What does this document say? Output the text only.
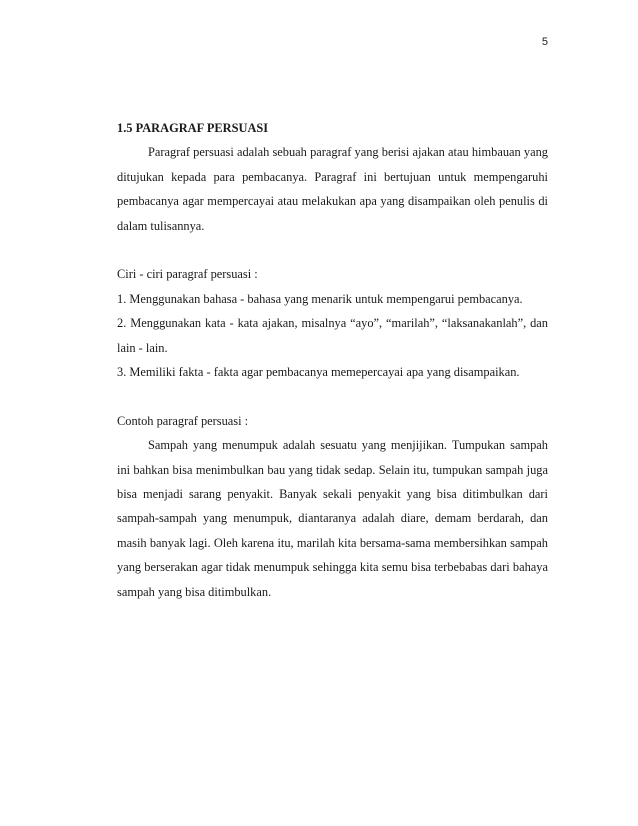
5

1.5 PARAGRAF PERSUASI

Paragraf persuasi adalah sebuah paragraf yang berisi ajakan atau himbauan yang ditujukan kepada para pembacanya. Paragraf ini bertujuan untuk mempengaruhi pembacanya agar mempercayai atau melakukan apa yang disampaikan oleh penulis di dalam tulisannya.

Ciri - ciri paragraf persuasi :

1. Menggunakan bahasa - bahasa yang menarik untuk mempengarui pembacanya.

2. Menggunakan kata - kata ajakan, misalnya “ayo”, “marilah”, “laksanakanlah”, dan lain - lain.

3. Memiliki fakta - fakta agar pembacanya memepercayai apa yang disampaikan.

Contoh paragraf persuasi :

Sampah yang menumpuk adalah sesuatu yang menjijikan. Tumpukan sampah ini bahkan bisa menimbulkan bau yang tidak sedap. Selain itu, tumpukan sampah juga bisa menjadi sarang penyakit. Banyak sekali penyakit yang bisa ditimbulkan dari sampah-sampah yang menumpuk, diantaranya adalah diare, demam berdarah, dan masih banyak lagi. Oleh karena itu, marilah kita bersama-sama membersihkan sampah yang berserakan agar tidak menumpuk sehingga kita semu bisa terbebabas dari bahaya sampah yang bisa ditimbulkan.
